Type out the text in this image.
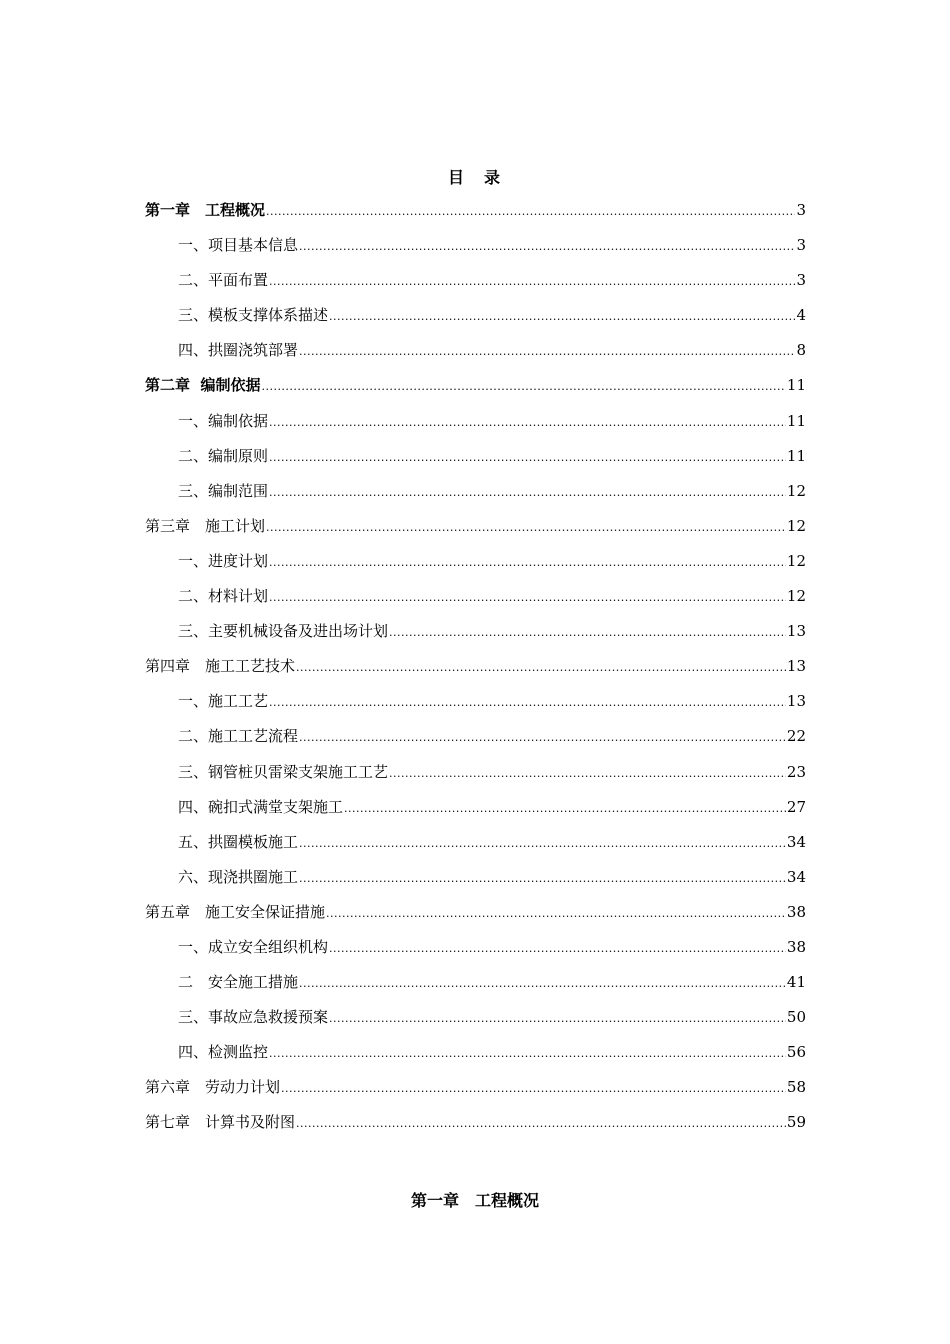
目 录
第一章　工程概况 .....	3
一、项目基本信息 .....	3
二、平面布置 .....	3
三、模板支撑体系描述 .....	4
四、拱圈浇筑部署 .....	8
第二章  编制依据 .....	11
一、编制依据 .....	11
二、编制原则 .....	11
三、编制范围 .....	12
第三章　施工计划 .....	12
一、进度计划 .....	12
二、材料计划 .....	12
三、主要机械设备及进出场计划 .....	13
第四章　施工工艺技术 .....	13
一、施工工艺 .....	13
二、施工工艺流程 .....	22
三、钢管桩贝雷梁支架施工工艺 .....	23
四、碗扣式满堂支架施工 .....	27
五、拱圈模板施工 .....	34
六、现浇拱圈施工 .....	34
第五章　施工安全保证措施 .....	38
一、成立安全组织机构 .....	38
二　安全施工措施 .....	41
三、事故应急救援预案 .....	50
四、检测监控 .....	56
第六章　劳动力计划 .....	58
第七章　计算书及附图 .....	59
第一章　工程概况
